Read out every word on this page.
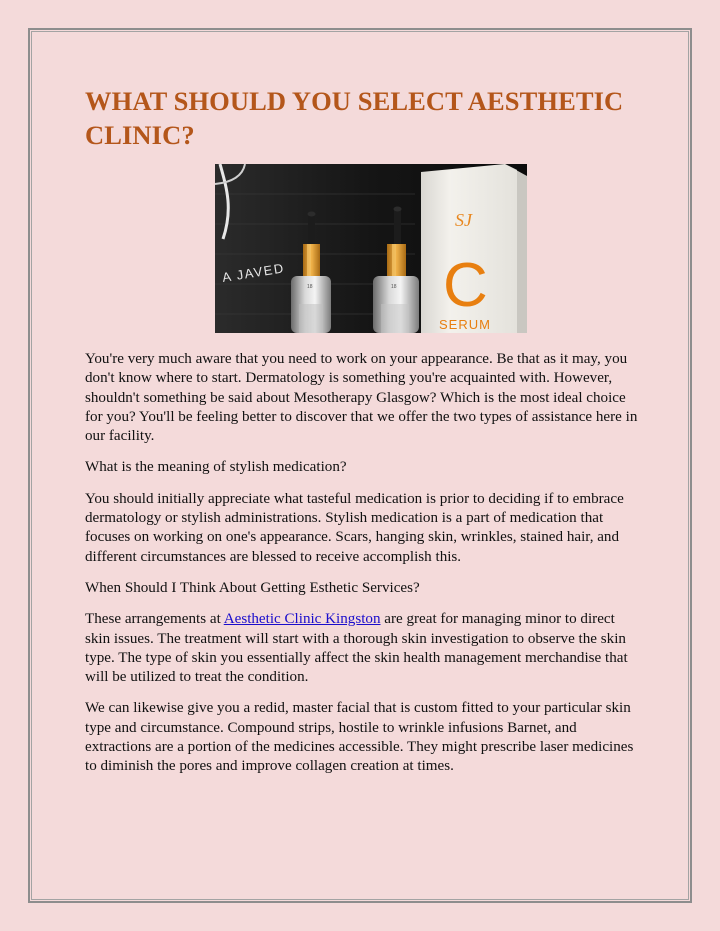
WHAT SHOULD YOU SELECT AESTHETIC CLINIC?
A JAVED
18	18
SJ
C
SERUM

You're very much aware that you need to work on your appearance. Be that as it may, you don't know where to start. Dermatology is something you're acquainted with. However, shouldn't something be said about Mesotherapy Glasgow? Which is the most ideal choice for you? You'll be feeling better to discover that we offer the two types of assistance here in our facility.

What is the meaning of stylish medication?

You should initially appreciate what tasteful medication is prior to deciding if to embrace dermatology or stylish administrations. Stylish medication is a part of medication that focuses on working on one's appearance. Scars, hanging skin, wrinkles, stained hair, and different circumstances are blessed to receive accomplish this.

When Should I Think About Getting Esthetic Services?

These arrangements at Aesthetic Clinic Kingston are great for managing minor to direct skin issues. The treatment will start with a thorough skin investigation to observe the skin type. The type of skin you essentially affect the skin health management merchandise that will be utilized to treat the condition.

We can likewise give you a redid, master facial that is custom fitted to your particular skin type and circumstance. Compound strips, hostile to wrinkle infusions Barnet, and extractions are a portion of the medicines accessible. They might prescribe laser medicines to diminish the pores and improve collagen creation at times.
